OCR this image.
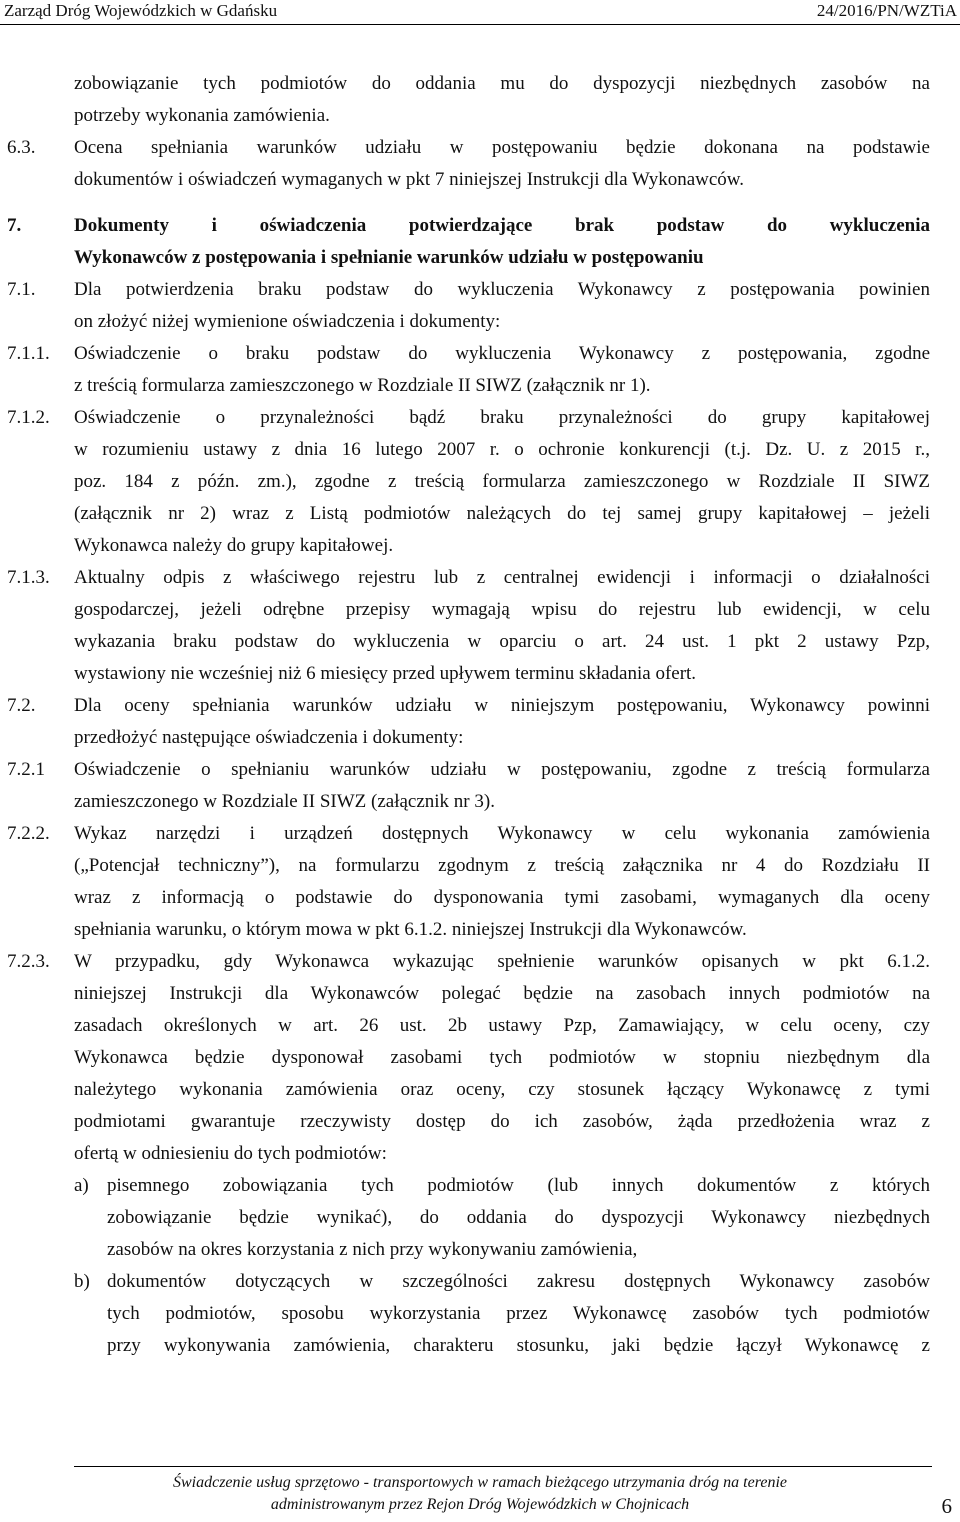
Zarząd Dróg Wojewódzkich w Gdańsku	24/2016/PN/WZTiA
zobowiązanie tych podmiotów do oddania mu do dyspozycji niezbędnych zasobów na
potrzeby wykonania zamówienia.
6.3. Ocena spełniania warunków udziału w postępowaniu będzie dokonana na podstawie
dokumentów i oświadczeń wymaganych w pkt 7 niniejszej Instrukcji dla Wykonawców.
7.	Dokumenty i oświadczenia potwierdzające brak podstaw do wykluczenia
Wykonawców z postępowania i spełnianie warunków udziału w postępowaniu
7.1. Dla potwierdzenia braku podstaw do wykluczenia Wykonawcy z postępowania powinien
on złożyć niżej wymienione oświadczenia i dokumenty:
7.1.1. Oświadczenie o braku podstaw do wykluczenia Wykonawcy z postępowania, zgodne
z treścią formularza zamieszczonego w Rozdziale II SIWZ (załącznik nr 1).
7.1.2. Oświadczenie o przynależności bądź braku przynależności do grupy kapitałowej
w rozumieniu ustawy z dnia 16 lutego 2007 r. o ochronie konkurencji (t.j. Dz. U. z 2015 r.,
poz. 184 z późn. zm.), zgodne z treścią formularza zamieszczonego w Rozdziale II SIWZ
(załącznik nr 2) wraz z Listą podmiotów należących do tej samej grupy kapitałowej – jeżeli
Wykonawca należy do grupy kapitałowej.
7.1.3. Aktualny odpis z właściwego rejestru lub z centralnej ewidencji i informacji o działalności
gospodarczej, jeżeli odrębne przepisy wymagają wpisu do rejestru lub ewidencji, w celu
wykazania braku podstaw do wykluczenia w oparciu o art. 24 ust. 1 pkt 2 ustawy Pzp,
wystawiony nie wcześniej niż 6 miesięcy przed upływem terminu składania ofert.
7.2. Dla oceny spełniania warunków udziału w niniejszym postępowaniu, Wykonawcy powinni
przedłożyć następujące oświadczenia i dokumenty:
7.2.1 Oświadczenie o spełnianiu warunków udziału w postępowaniu, zgodne z treścią formularza
zamieszczonego w Rozdziale II SIWZ (załącznik nr 3).
7.2.2. Wykaz narzędzi i urządzeń dostępnych Wykonawcy w celu wykonania zamówienia
(„Potencjał techniczny”), na formularzu zgodnym z treścią załącznika nr 4 do Rozdziału II
wraz z informacją o podstawie do dysponowania tymi zasobami, wymaganych dla oceny
spełniania warunku, o którym mowa w pkt 6.1.2. niniejszej Instrukcji dla Wykonawców.
7.2.3. W przypadku, gdy Wykonawca wykazując spełnienie warunków opisanych w pkt 6.1.2.
niniejszej Instrukcji dla Wykonawców polegać będzie na zasobach innych podmiotów na
zasadach określonych w art. 26 ust. 2b ustawy Pzp, Zamawiający, w celu oceny, czy
Wykonawca będzie dysponował zasobami tych podmiotów w stopniu niezbędnym dla
należytego wykonania zamówienia oraz oceny, czy stosunek łączący Wykonawcę z tymi
podmiotami gwarantuje rzeczywisty dostęp do ich zasobów, żąda przedłożenia wraz z
ofertą w odniesieniu do tych podmiotów:
a) pisemnego zobowiązania tych podmiotów (lub innych dokumentów z których
zobowiązanie będzie wynikać), do oddania do dyspozycji Wykonawcy niezbędnych
zasobów na okres korzystania z nich przy wykonywaniu zamówienia,
b) dokumentów dotyczących w szczególności zakresu dostępnych Wykonawcy zasobów
tych podmiotów, sposobu wykorzystania przez Wykonawcę zasobów tych podmiotów
przy wykonywania zamówienia, charakteru stosunku, jaki będzie łączył Wykonawcę z
Świadczenie usług sprzętowo - transportowych w ramach bieżącego utrzymania dróg na terenie
administrowanym przez Rejon Dróg Wojewódzkich w Chojnicach	6
